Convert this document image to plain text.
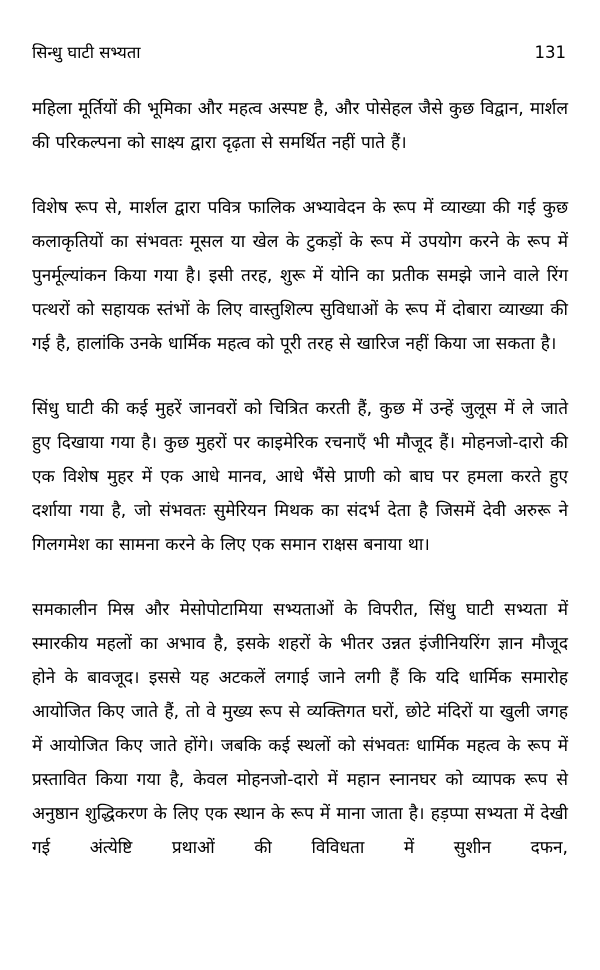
सिन्धु घाटी सभ्यता	131

महिला मूर्तियों की भूमिका और महत्व अस्पष्ट है, और पोसेहल जैसे कुछ विद्वान, मार्शल की परिकल्पना को साक्ष्य द्वारा दृढ़ता से समर्थित नहीं पाते हैं।

विशेष रूप से, मार्शल द्वारा पवित्र फालिक अभ्यावेदन के रूप में व्याख्या की गई कुछ कलाकृतियों का संभवतः मूसल या खेल के टुकड़ों के रूप में उपयोग करने के रूप में पुनर्मूल्यांकन किया गया है। इसी तरह, शुरू में योनि का प्रतीक समझे जाने वाले रिंग पत्थरों को सहायक स्तंभों के लिए वास्तुशिल्प सुविधाओं के रूप में दोबारा व्याख्या की गई है, हालांकि उनके धार्मिक महत्व को पूरी तरह से खारिज नहीं किया जा सकता है।

सिंधु घाटी की कई मुहरें जानवरों को चित्रित करती हैं, कुछ में उन्हें जुलूस में ले जाते हुए दिखाया गया है। कुछ मुहरों पर काइमेरिक रचनाएँ भी मौजूद हैं। मोहनजो-दारो की एक विशेष मुहर में एक आधे मानव, आधे भैंसे प्राणी को बाघ पर हमला करते हुए दर्शाया गया है, जो संभवतः सुमेरियन मिथक का संदर्भ देता है जिसमें देवी अरुरू ने गिलगमेश का सामना करने के लिए एक समान राक्षस बनाया था।

समकालीन मिस्र और मेसोपोटामिया सभ्यताओं के विपरीत, सिंधु घाटी सभ्यता में स्मारकीय महलों का अभाव है, इसके शहरों के भीतर उन्नत इंजीनियरिंग ज्ञान मौजूद होने के बावजूद। इससे यह अटकलें लगाई जाने लगी हैं कि यदि धार्मिक समारोह आयोजित किए जाते हैं, तो वे मुख्य रूप से व्यक्तिगत घरों, छोटे मंदिरों या खुली जगह में आयोजित किए जाते होंगे। जबकि कई स्थलों को संभवतः धार्मिक महत्व के रूप में प्रस्तावित किया गया है, केवल मोहनजो-दारो में महान स्नानघर को व्यापक रूप से अनुष्ठान शुद्धिकरण के लिए एक स्थान के रूप में माना जाता है। हड़प्पा सभ्यता में देखी गई अंत्येष्टि प्रथाओं की विविधता में सुशीन दफन,
